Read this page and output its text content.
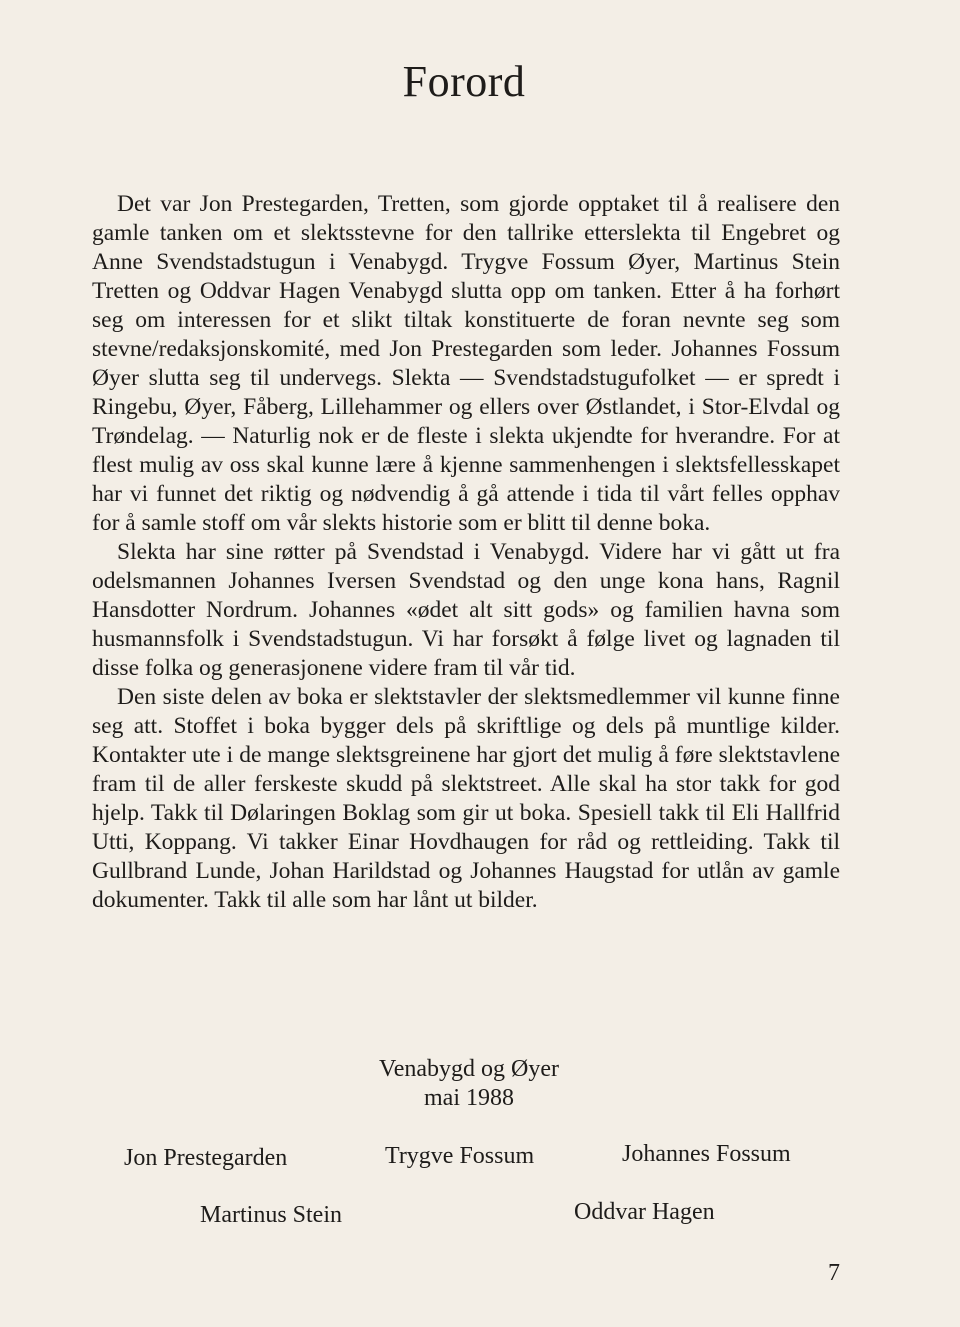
Forord

Det var Jon Prestegarden, Tretten, som gjorde opptaket til å realisere den gamle tanken om et slektsstevne for den tallrike etterslekta til Engebret og Anne Svendstadstugun i Venabygd. Trygve Fossum Øyer, Martinus Stein Tretten og Oddvar Hagen Venabygd slutta opp om tanken. Etter å ha forhørt seg om interessen for et slikt tiltak konstituerte de foran nevnte seg som stevne/redaksjonskomité, med Jon Prestegarden som leder. Johannes Fossum Øyer slutta seg til undervegs. Slekta — Svendstadstugufolket — er spredt i Ringebu, Øyer, Fåberg, Lillehammer og ellers over Østlandet, i Stor-Elvdal og Trøndelag. — Naturlig nok er de fleste i slekta ukjendte for hverandre. For at flest mulig av oss skal kunne lære å kjenne sammenhengen i slektsfellesskapet har vi funnet det riktig og nødvendig å gå attende i tida til vårt felles opphav for å samle stoff om vår slekts historie som er blitt til denne boka.

Slekta har sine røtter på Svendstad i Venabygd. Videre har vi gått ut fra odelsmannen Johannes Iversen Svendstad og den unge kona hans, Ragnil Hansdotter Nordrum. Johannes «ødet alt sitt gods» og familien havna som husmannsfolk i Svendstadstugun. Vi har forsøkt å følge livet og lagnaden til disse folka og generasjonene videre fram til vår tid.

Den siste delen av boka er slektstavler der slektsmedlemmer vil kunne finne seg att. Stoffet i boka bygger dels på skriftlige og dels på muntlige kilder. Kontakter ute i de mange slektsgreinene har gjort det mulig å føre slektstavlene fram til de aller ferskeste skudd på slektstreet. Alle skal ha stor takk for god hjelp. Takk til Dølaringen Boklag som gir ut boka. Spesiell takk til Eli Hallfrid Utti, Koppang. Vi takker Einar Hovdhaugen for råd og rettleiding. Takk til Gullbrand Lunde, Johan Harildstad og Johannes Haugstad for utlån av gamle dokumenter. Takk til alle som har lånt ut bilder.

Venabygd og Øyer
mai 1988
Jon Prestegarden	Trygve Fossum	Johannes Fossum
Martinus Stein	Oddvar Hagen
7
